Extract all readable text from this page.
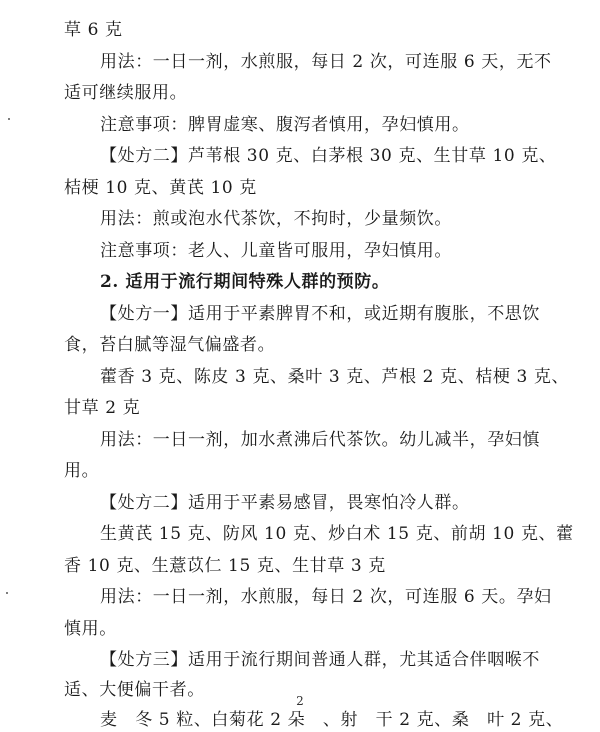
草 6 克
用法：一日一剂，水煎服，每日 2 次，可连服 6 天，无不
适可继续服用。
注意事项：脾胃虚寒、腹泻者慎用，孕妇慎用。
【处方二】芦苇根 30 克、白茅根 30 克、生甘草 10 克、
桔梗 10 克、黄芪 10 克
用法：煎或泡水代茶饮，不拘时，少量频饮。
注意事项：老人、儿童皆可服用，孕妇慎用。
2. 适用于流行期间特殊人群的预防。
【处方一】适用于平素脾胃不和，或近期有腹胀，不思饮
食，苔白腻等湿气偏盛者。
藿香 3 克、陈皮 3 克、桑叶 3 克、芦根 2 克、桔梗 3 克、
甘草 2 克
用法：一日一剂，加水煮沸后代茶饮。幼儿减半，孕妇慎
用。
【处方二】适用于平素易感冒，畏寒怕冷人群。
生黄芪 15 克、防风 10 克、炒白术 15 克、前胡 10 克、藿
香 10 克、生薏苡仁 15 克、生甘草 3 克
用法：一日一剂，水煎服，每日 2 次，可连服 6 天。孕妇
慎用。
【处方三】适用于流行期间普通人群，尤其适合伴咽喉不
适、大便偏干者。
麦　冬 5 粒、白菊花 2 朵　、射　干 2 克、桑　叶 2 克、
2
